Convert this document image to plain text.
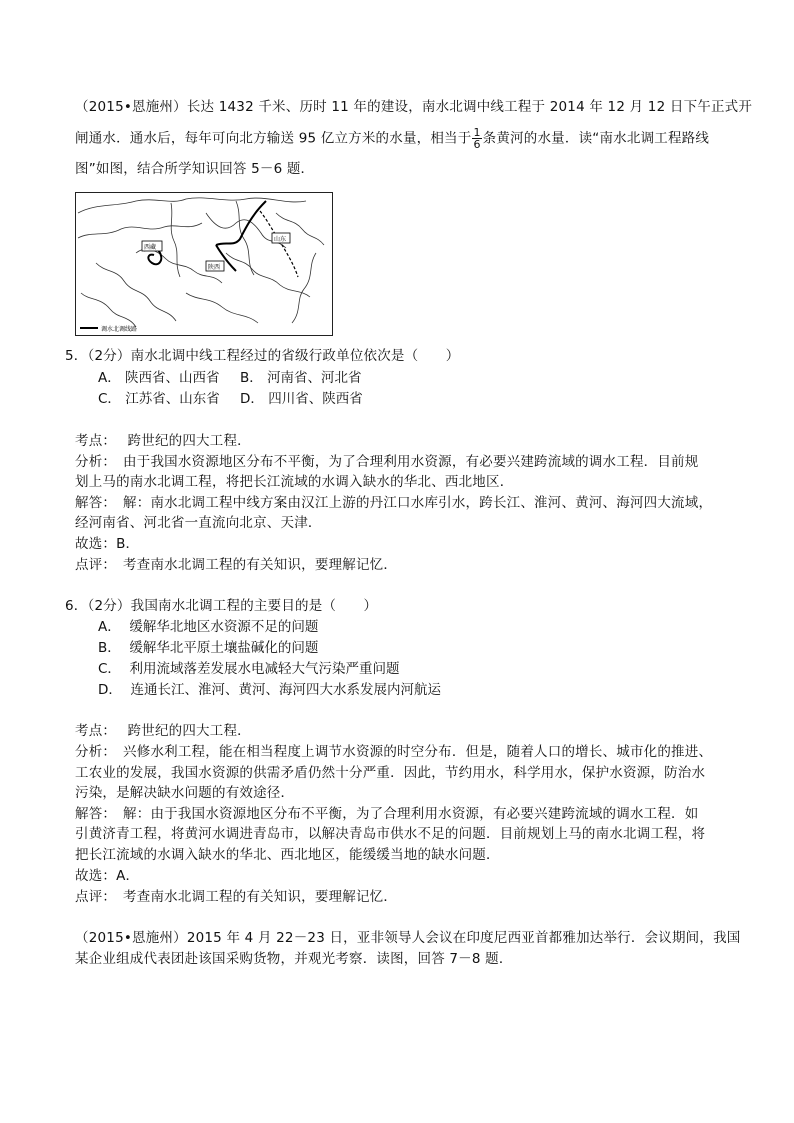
（2015•恩施州）长达 1432 千米、历时 11 年的建设，南水北调中线工程于 2014 年 12 月 12 日下午正式开
闸通水．通水后，每年可向北方输送 95 亿立方米的水量，相当于 $\frac{1}{6}$ 条黄河的水量．读“南水北调工程路线
图”如图，结合所学知识回答 5－6 题．
西藏
陕西
山东
调水北调线路
5．（2分）南水北调中线工程经过的省级行政单位依次是（　　）
A． 陕西省、山西省 B． 河南省、河北省
C． 江苏省、山东省 D． 四川省、陕西省
考点：　 跨世纪的四大工程．
分析：　由于我国水资源地区分布不平衡，为了合理利用水资源，有必要兴建跨流域的调水工程．目前规
划上马的南水北调工程，将把长江流域的水调入缺水的华北、西北地区．
解答：　解：南水北调工程中线方案由汉江上游的丹江口水库引水，跨长江、淮河、黄河、海河四大流域，
经河南省、河北省一直流向北京、天津．
故选：B．
点评：　考查南水北调工程的有关知识，要理解记忆．
6．（2分）我国南水北调工程的主要目的是（　　）
A． 缓解华北地区水资源不足的问题
B． 缓解华北平原土壤盐碱化的问题
C． 利用流域落差发展水电减轻大气污染严重问题
D． 连通长江、淮河、黄河、海河四大水系发展内河航运
考点：　 跨世纪的四大工程．
分析：　兴修水利工程，能在相当程度上调节水资源的时空分布．但是，随着人口的增长、城市化的推进、
工农业的发展，我国水资源的供需矛盾仍然十分严重．因此，节约用水，科学用水，保护水资源，防治水
污染，是解决缺水问题的有效途径．
解答：　解：由于我国水资源地区分布不平衡，为了合理利用水资源，有必要兴建跨流域的调水工程．如
引黄济青工程，将黄河水调进青岛市，以解决青岛市供水不足的问题．目前规划上马的南水北调工程，将
把长江流域的水调入缺水的华北、西北地区，能缓缓当地的缺水问题．
故选：A．
点评：　考查南水北调工程的有关知识，要理解记忆．
（2015•恩施州）2015 年 4 月 22－23 日，亚非领导人会议在印度尼西亚首都雅加达举行．会议期间，我国
某企业组成代表团赴该国采购货物，并观光考察．读图，回答 7－8 题．
